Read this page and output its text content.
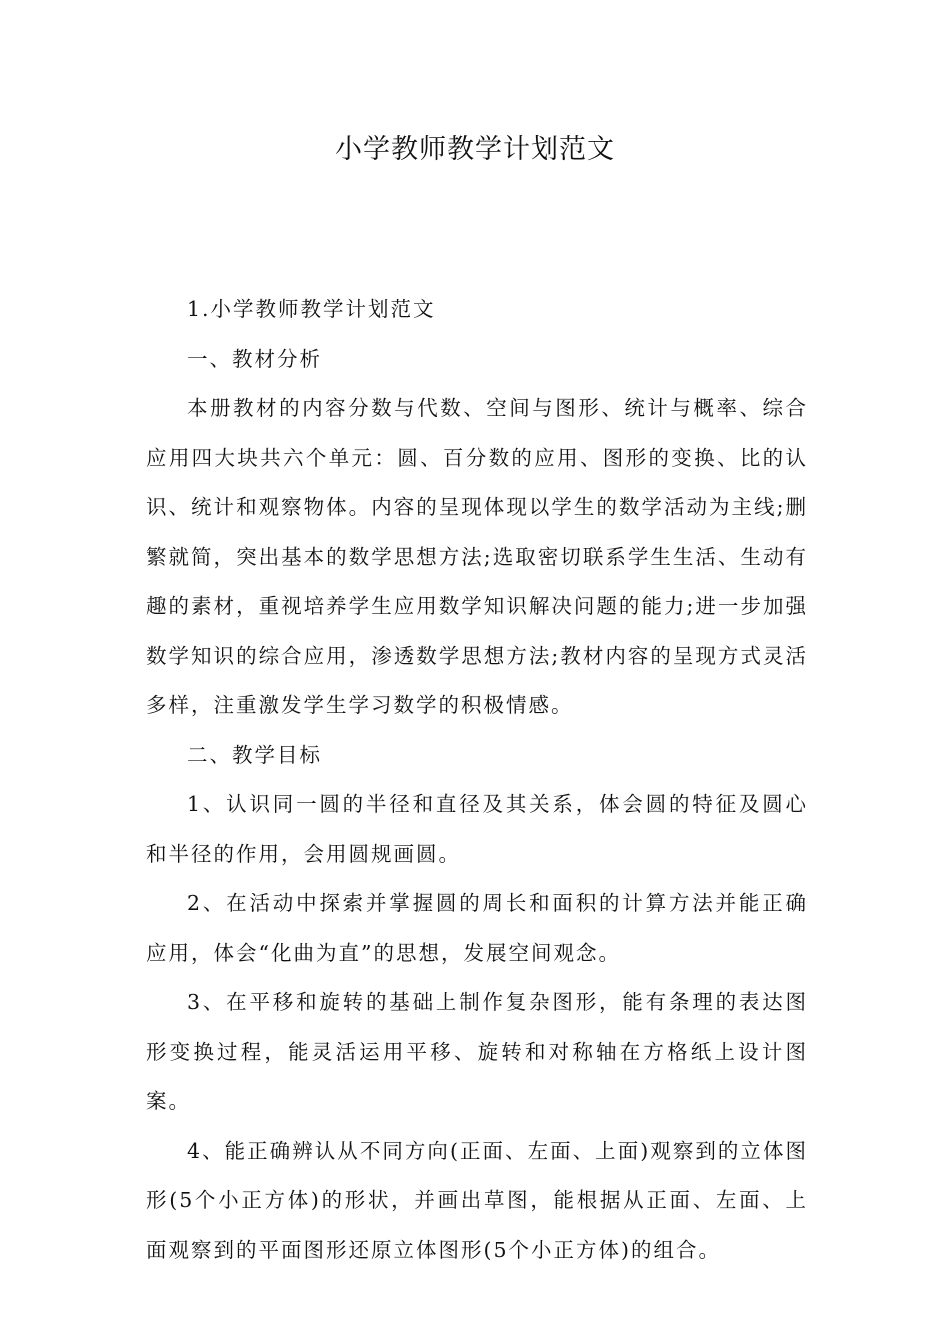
小学教师教学计划范文

1.小学教师教学计划范文

一、教材分析

本册教材的内容分数与代数、空间与图形、统计与概率、综合应用四大块共六个单元：圆、百分数的应用、图形的变换、比的认识、统计和观察物体。内容的呈现体现以学生的数学活动为主线;删繁就简，突出基本的数学思想方法;选取密切联系学生生活、生动有趣的素材，重视培养学生应用数学知识解决问题的能力;进一步加强数学知识的综合应用，渗透数学思想方法;教材内容的呈现方式灵活多样，注重激发学生学习数学的积极情感。

二、教学目标

1、认识同一圆的半径和直径及其关系，体会圆的特征及圆心和半径的作用，会用圆规画圆。

2、在活动中探索并掌握圆的周长和面积的计算方法并能正确应用，体会“化曲为直”的思想，发展空间观念。

3、在平移和旋转的基础上制作复杂图形，能有条理的表达图形变换过程，能灵活运用平移、旋转和对称轴在方格纸上设计图案。

4、能正确辨认从不同方向(正面、左面、上面)观察到的立体图形(5个小正方体)的形状，并画出草图，能根据从正面、左面、上面观察到的平面图形还原立体图形(5个小正方体)的组合。
